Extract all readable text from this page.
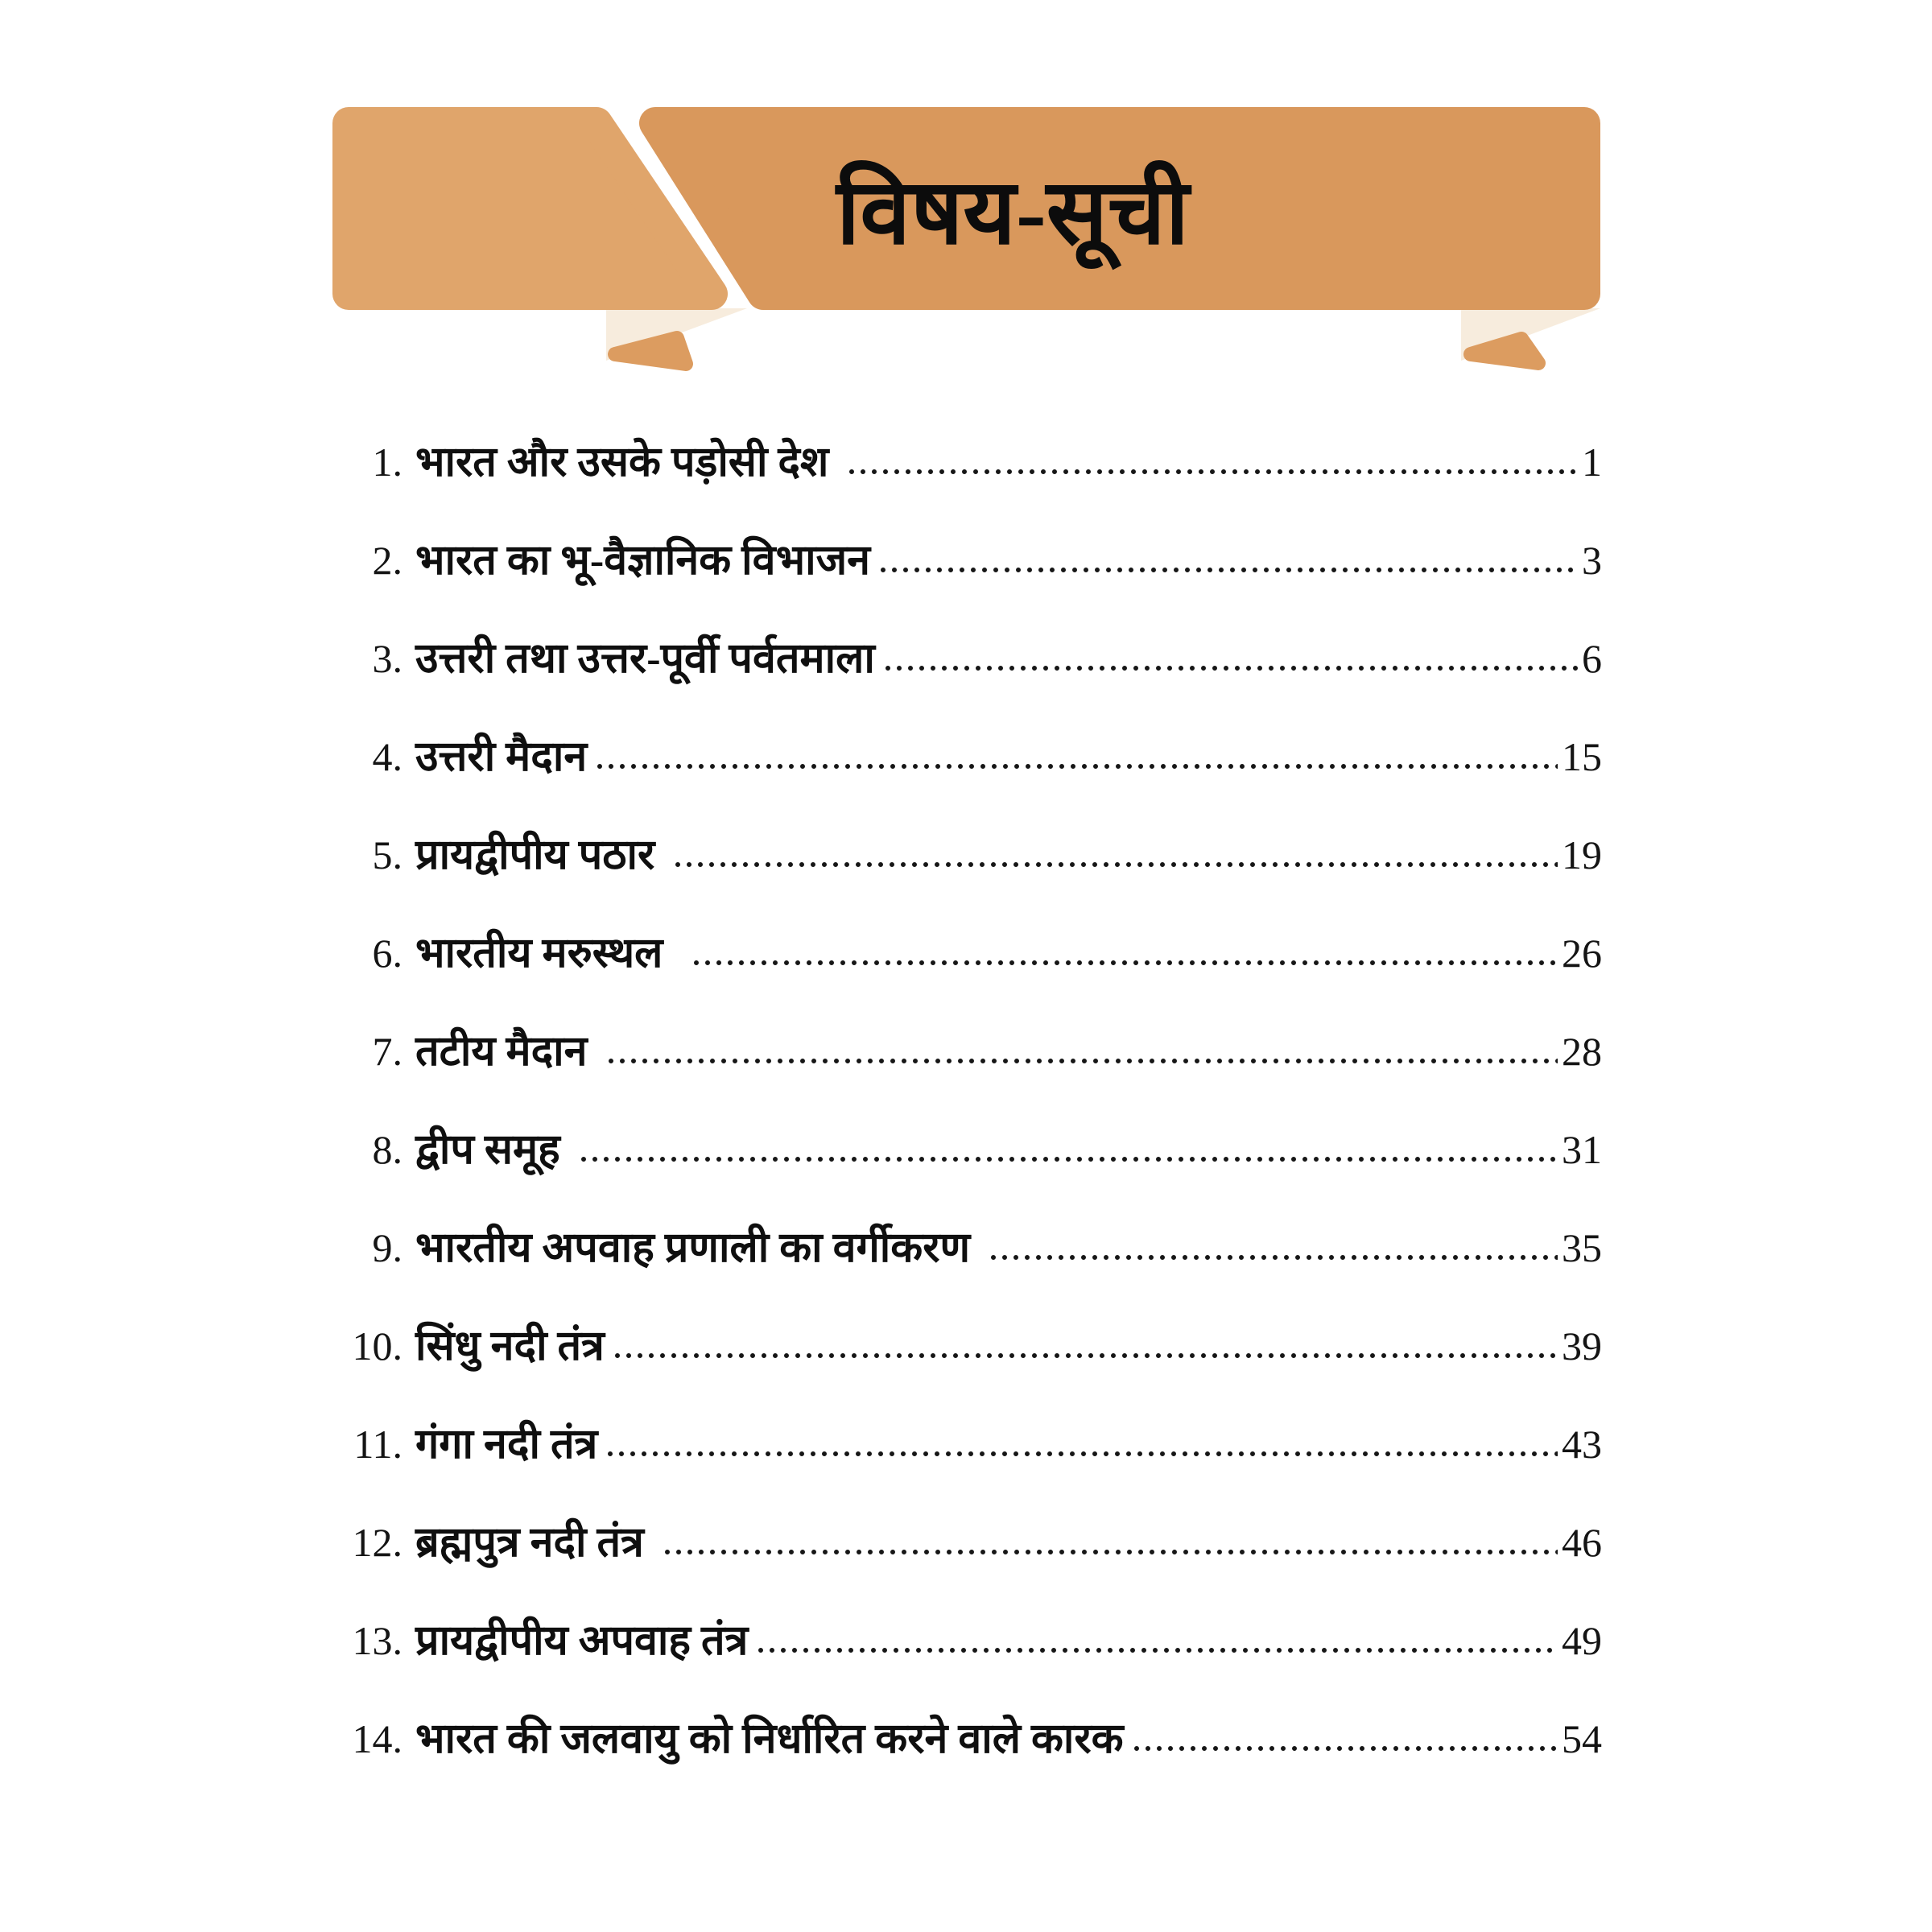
विषय-सूची
1. भारत और उसके पड़ोसी देश	1
2. भारत का भू-वैज्ञानिक विभाजन	3
3. उत्तरी तथा उत्तर-पूर्वी पर्वतमाला	6
4. उत्तरी मैदान	15
5. प्रायद्वीपीय पठार	19
6. भारतीय मरुस्थल	26
7. तटीय मैदान	28
8. द्वीप समूह	31
9. भारतीय अपवाह प्रणाली का वर्गीकरण	35
10. सिंधु नदी तंत्र	39
11. गंगा नदी तंत्र	43
12. ब्रह्मपुत्र नदी तंत्र	46
13. प्रायद्वीपीय अपवाह तंत्र	49
14. भारत की जलवायु को निर्धारित करने वाले कारक	54
